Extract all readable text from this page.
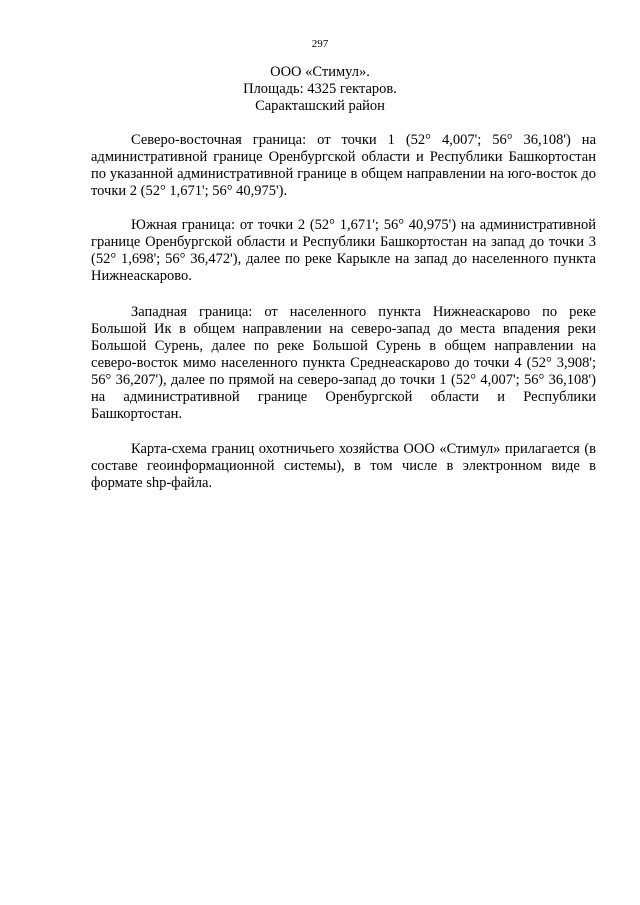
297
ООО «Стимул».
Площадь: 4325 гектаров.
Саракташский район

Северо-восточная граница: от точки 1 (52° 4,007'; 56° 36,108') на административной границе Оренбургской области и Республики Башкортостан по указанной административной границе в общем направлении на юго-восток до точки 2 (52° 1,671'; 56° 40,975').

Южная граница: от точки 2 (52° 1,671'; 56° 40,975') на административной границе Оренбургской области и Республики Башкортостан на запад до точки 3 (52° 1,698'; 56° 36,472'), далее по реке Карыкле на запад до населенного пункта Нижнеаскарово.

Западная граница: от населенного пункта Нижнеаскарово по реке Большой Ик в общем направлении на северо-запад до места впадения реки Большой Сурень, далее по реке Большой Сурень в общем направлении на северо-восток мимо населенного пункта Среднеаскарово до точки 4 (52° 3,908'; 56° 36,207'), далее по прямой на северо-запад до точки 1 (52° 4,007'; 56° 36,108') на административной границе Оренбургской области и Республики Башкортостан.

Карта-схема границ охотничьего хозяйства ООО «Стимул» прилагается (в составе геоинформационной системы), в том числе в электронном виде в формате shp-файла.
